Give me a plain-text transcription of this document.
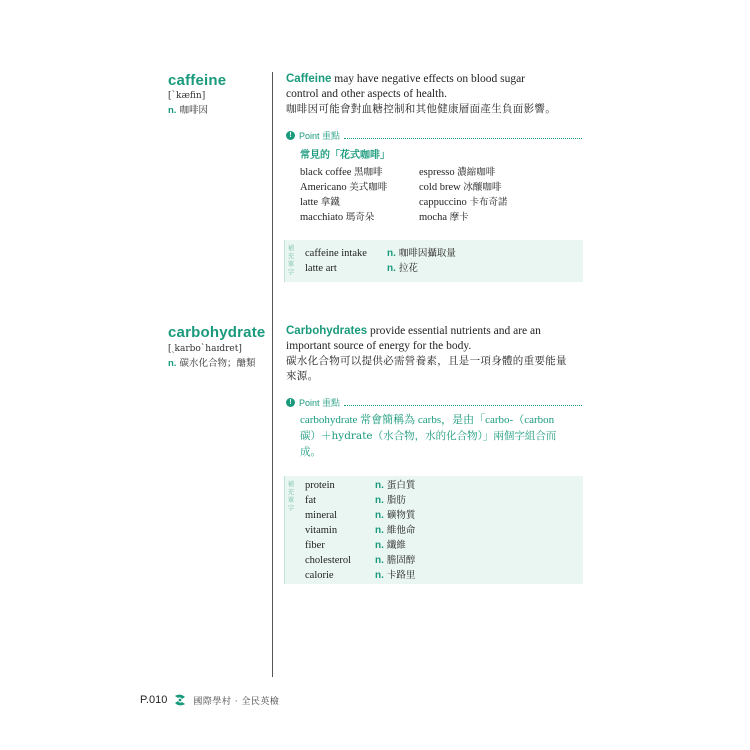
caffeine
[ˋkæfin]
n. 咖啡因
Caffeine may have negative effects on blood sugar
control and other aspects of health.
咖啡因可能會對血糖控制和其他健康層面產生負面影響。
! Point 重點
常見的「花式咖啡」
black coffee 黑咖啡	espresso 濃縮咖啡
Americano 美式咖啡	cold brew 冰釀咖啡
latte 拿鐵	cappuccino 卡布奇諾
macchiato 瑪奇朵	mocha 摩卡
補
充
單
字
caffeine intake	n. 咖啡因攝取量
latte art	n. 拉花
carbohydrate
[ˏkarboˋhaɪdret]
n. 碳水化合物；醣類
Carbohydrates provide essential nutrients and are an
important source of energy for the body.
碳水化合物可以提供必需營養素，且是一項身體的重要能量
來源。
! Point 重點
carbohydrate 常會簡稱為 carbs，是由「carbo-（carbon
碳）＋hydrate（水合物，水的化合物）」兩個字組合而
成。
補
充
單
字
protein	n. 蛋白質
fat	n. 脂肪
mineral	n. 礦物質
vitamin	n. 維他命
fiber	n. 纖維
cholesterol	n. 膽固醇
calorie	n. 卡路里
P.010	國際學村 · 全民英檢
